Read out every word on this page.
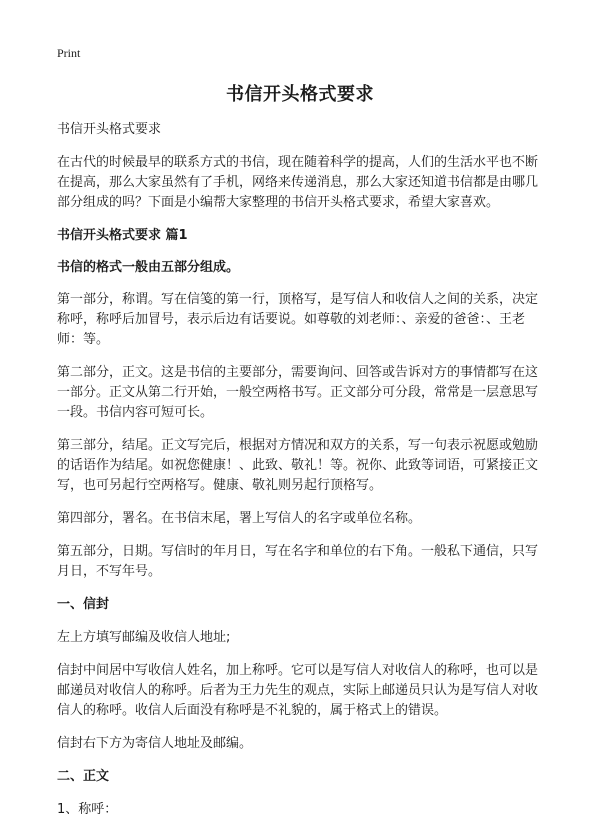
Print
书信开头格式要求

书信开头格式要求

在古代的时候最早的联系方式的书信，现在随着科学的提高，人们的生活水平也不断在提高，那么大家虽然有了手机，网络来传递消息，那么大家还知道书信都是由哪几部分组成的吗？下面是小编帮大家整理的书信开头格式要求，希望大家喜欢。

书信开头格式要求 篇1

书信的格式一般由五部分组成。

第一部分，称谓。写在信笺的第一行，顶格写，是写信人和收信人之间的关系，决定称呼，称呼后加冒号，表示后边有话要说。如尊敬的刘老师：、亲爱的爸爸：、王老师：等。

第二部分，正文。这是书信的主要部分，需要询问、回答或告诉对方的事情都写在这一部分。正文从第二行开始，一般空两格书写。正文部分可分段，常常是一层意思写一段。书信内容可短可长。

第三部分，结尾。正文写完后，根据对方情况和双方的关系，写一句表示祝愿或勉励的话语作为结尾。如祝您健康！、此致、敬礼！等。祝你、此致等词语，可紧接正文写，也可另起行空两格写。健康、敬礼则另起行顶格写。

第四部分，署名。在书信末尾，署上写信人的名字或单位名称。

第五部分，日期。写信时的年月日，写在名字和单位的右下角。一般私下通信，只写月日，不写年号。

一、信封

左上方填写邮编及收信人地址;

信封中间居中写收信人姓名，加上称呼。它可以是写信人对收信人的称呼，也可以是邮递员对收信人的称呼。后者为王力先生的观点，实际上邮递员只认为是写信人对收信人的称呼。收信人后面没有称呼是不礼貌的，属于格式上的错误。

信封右下方为寄信人地址及邮编。

二、正文

1、称呼：
